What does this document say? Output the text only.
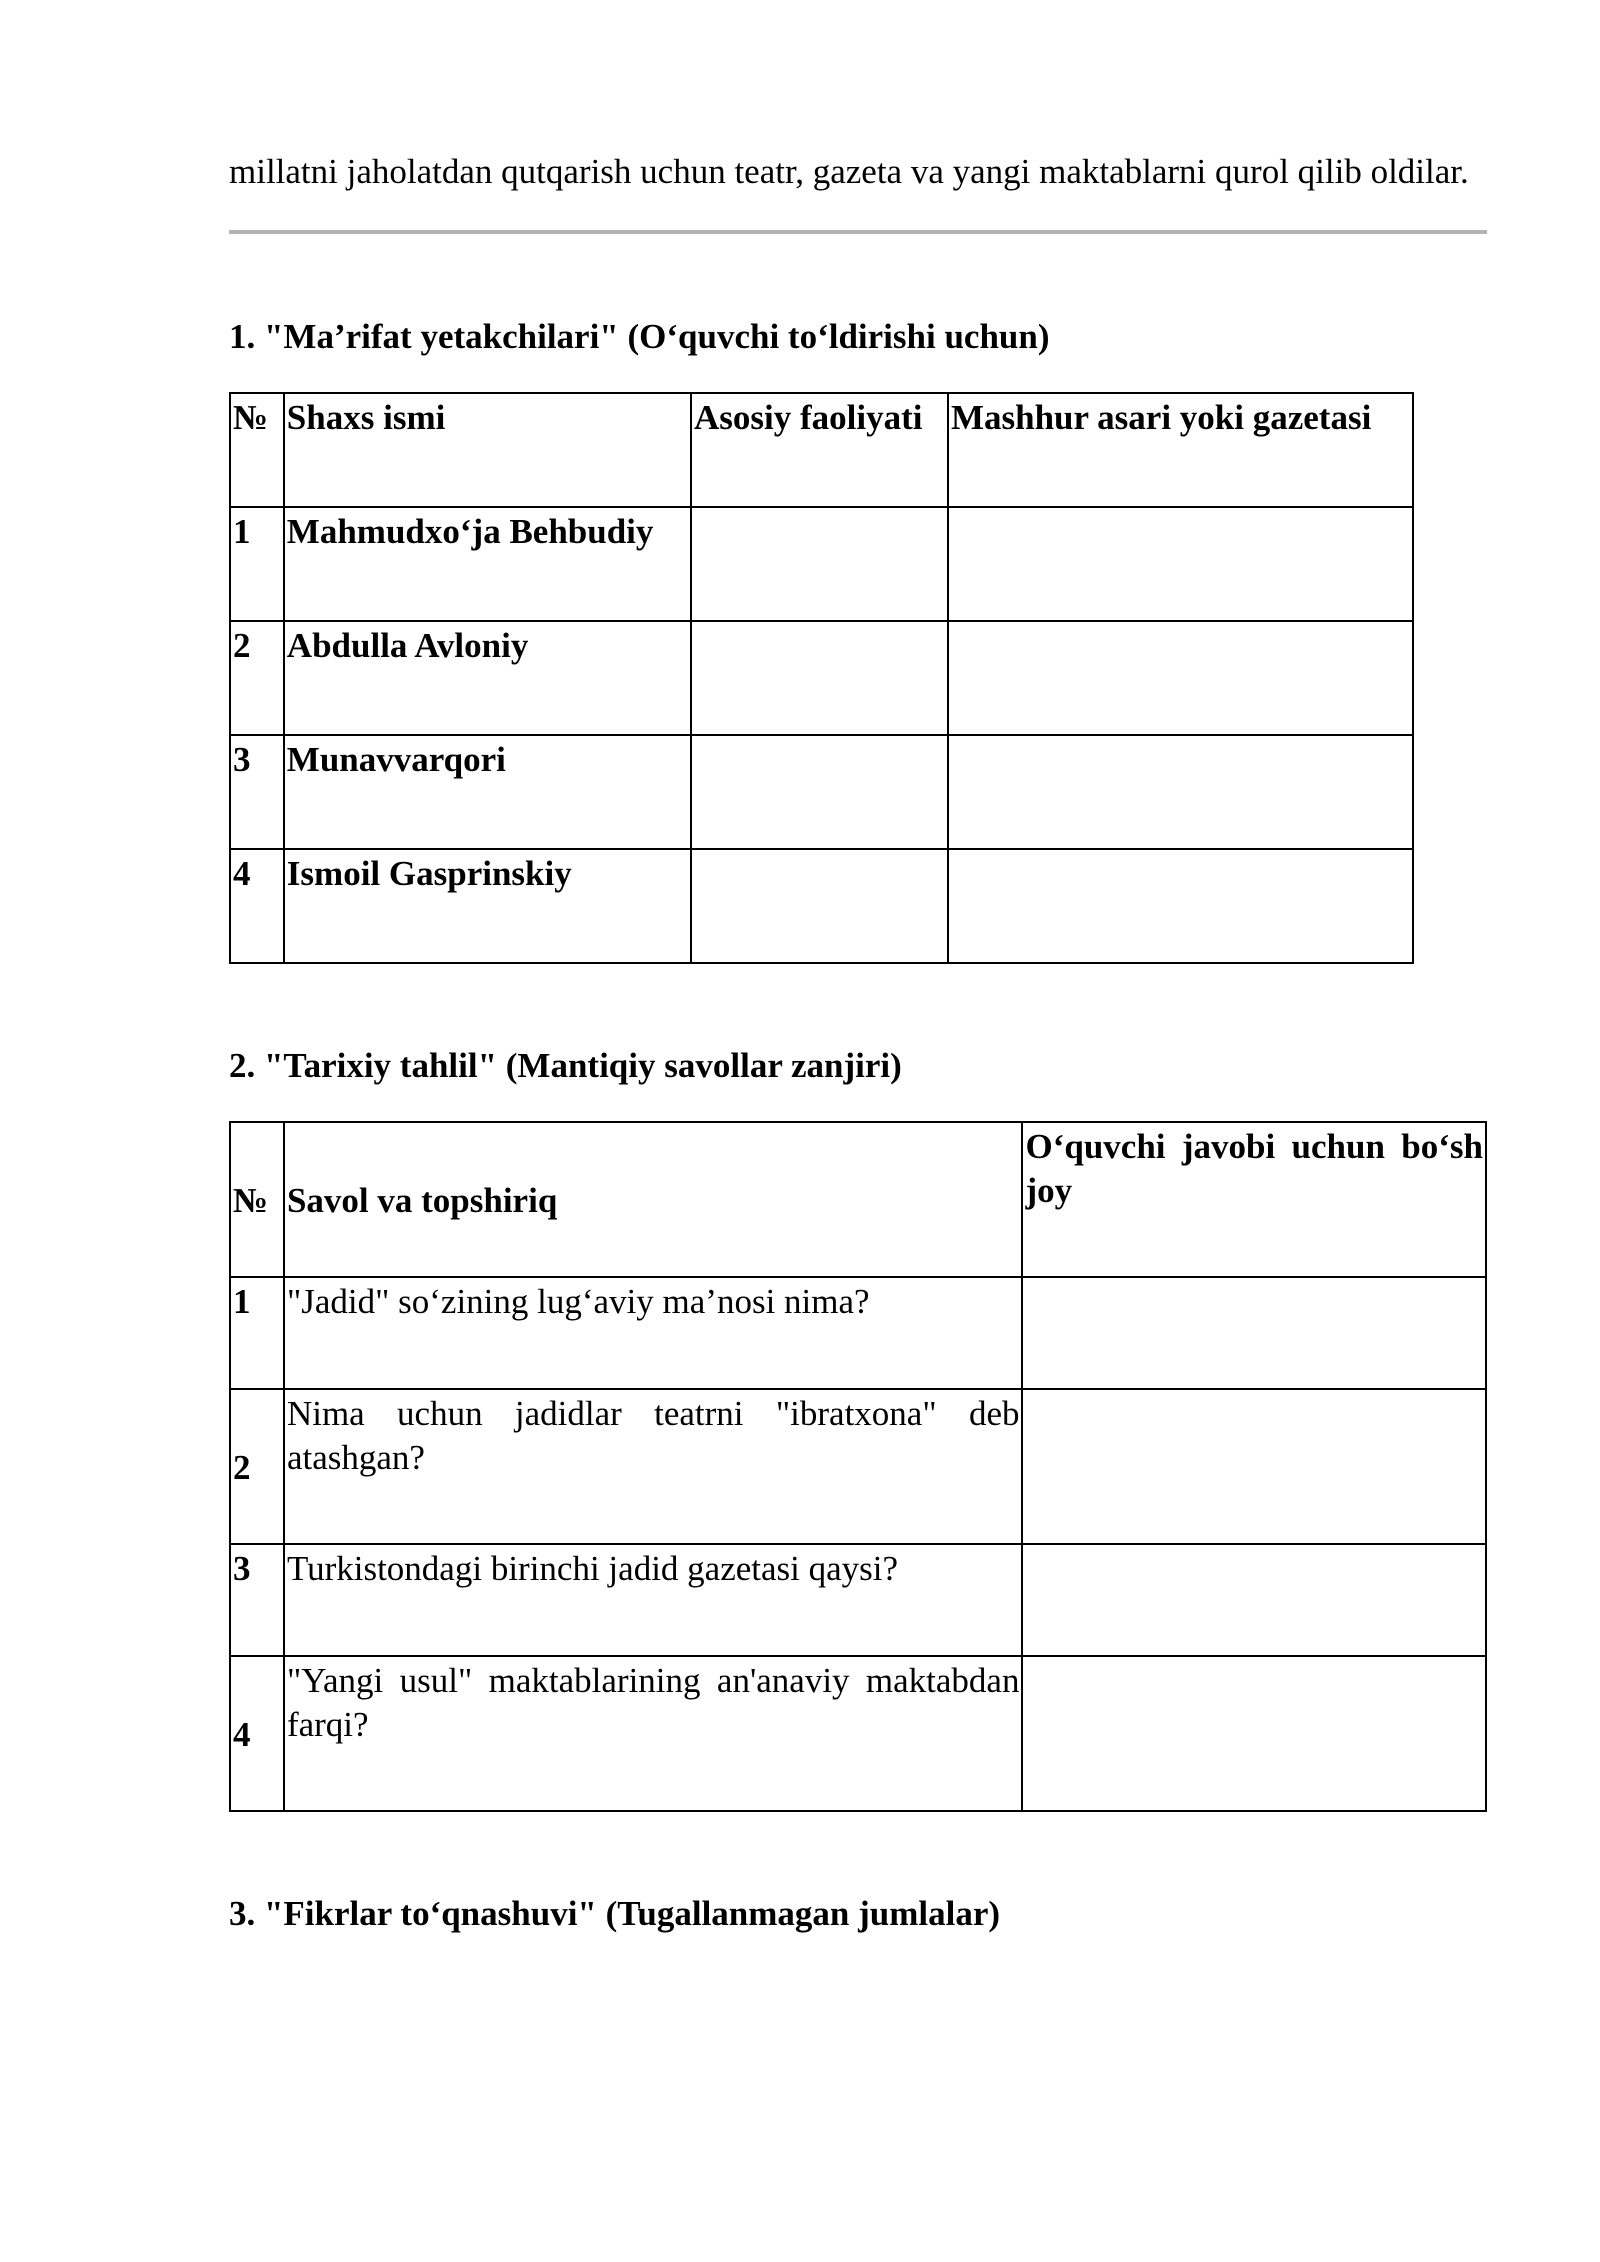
millatni jaholatdan qutqarish uchun teatr, gazeta va yangi maktablarni qurol qilib oldilar.

1. "Ma’rifat yetakchilari" (O‘quvchi to‘ldirishi uchun)
№	Shaxs ismi	Asosiy faoliyati	Mashhur asari yoki gazetasi
1	Mahmudxo‘ja Behbudiy		
2	Abdulla Avloniy		
3	Munavvarqori		
4	Ismoil Gasprinskiy		
2. "Tarixiy tahlil" (Mantiqiy savollar zanjiri)
№	Savol va topshiriq	O‘quvchi javobi uchun bo‘sh joy
1	"Jadid" so‘zining lug‘aviy ma’nosi nima?	
2	Nima uchun jadidlar teatrni "ibratxona" deb atashgan?	
3	Turkistondagi birinchi jadid gazetasi qaysi?	
4	"Yangi usul" maktablarining an'anaviy maktabdan farqi?	
3. "Fikrlar to‘qnashuvi" (Tugallanmagan jumlalar)
